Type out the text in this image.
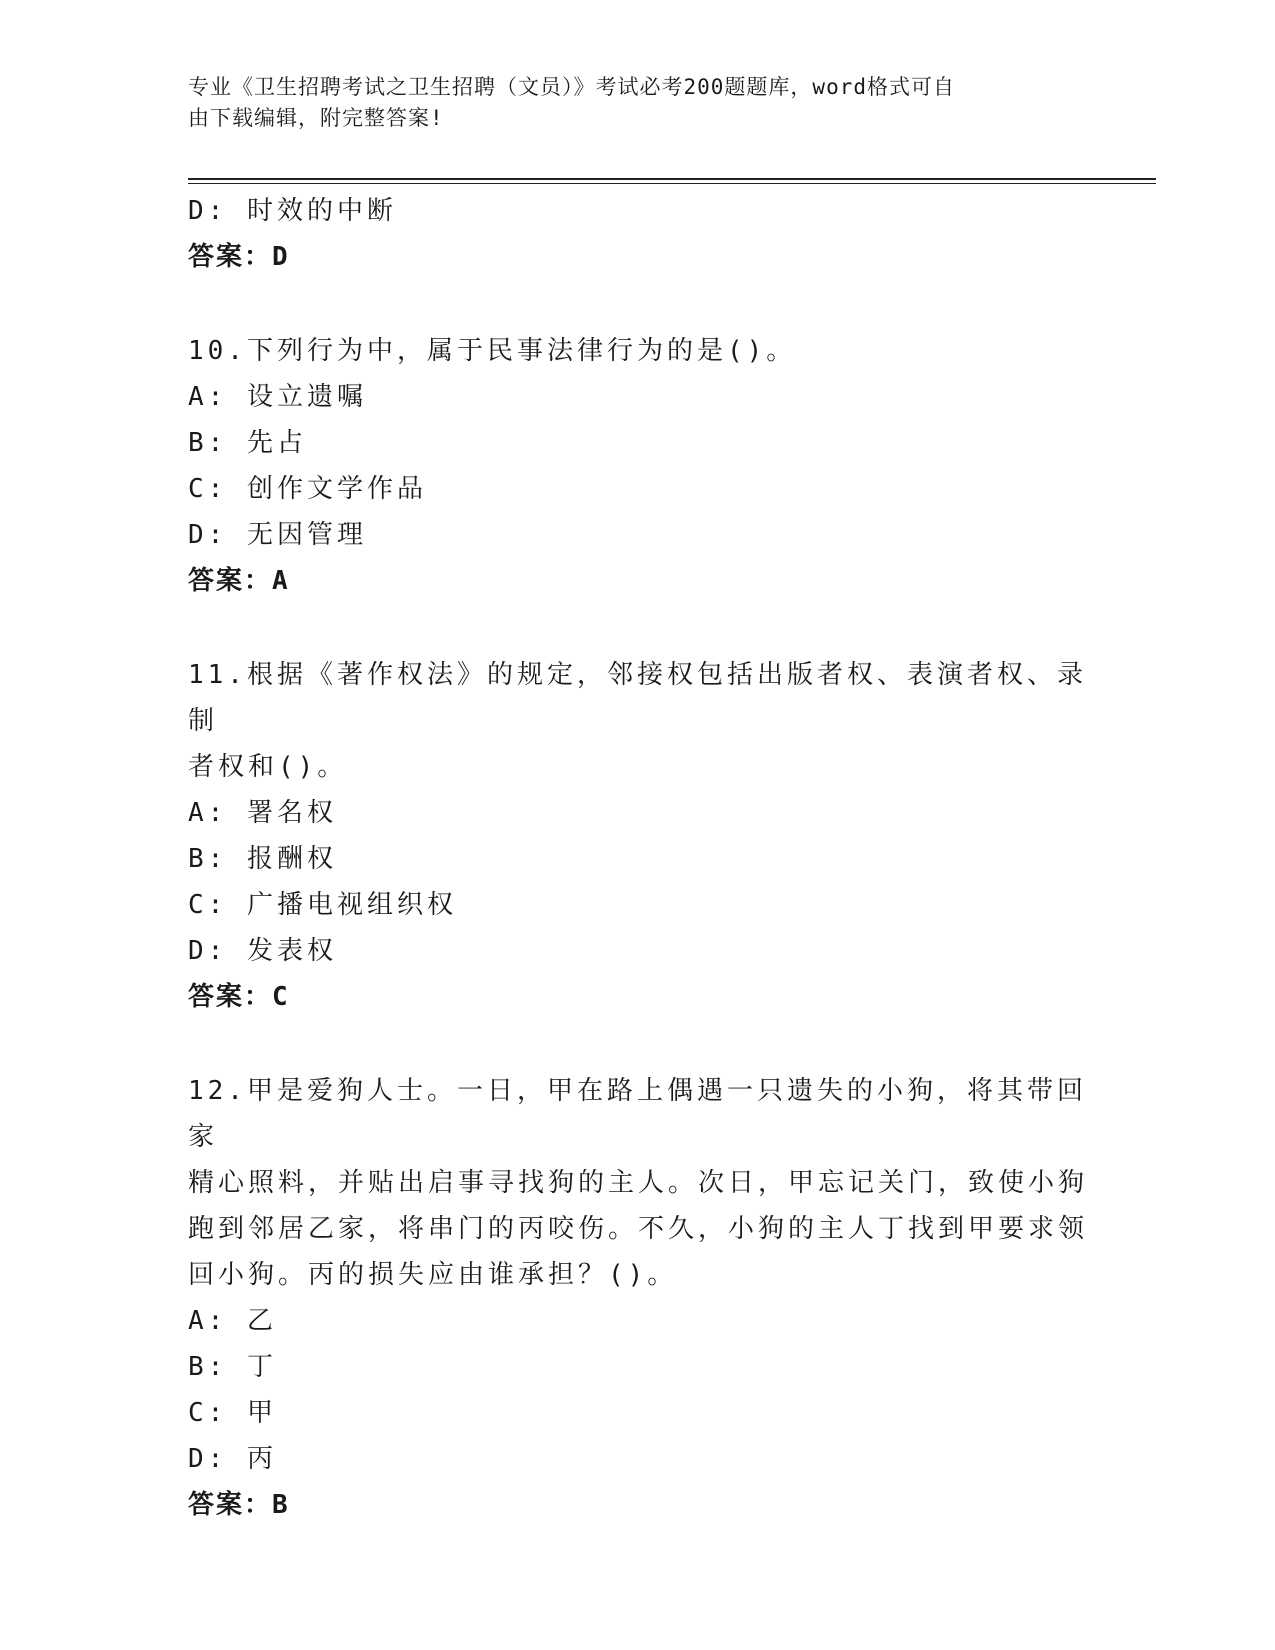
专业《卫生招聘考试之卫生招聘（文员）》考试必考200题题库，word格式可自
由下载编辑，附完整答案!
D: 时效的中断
答案：D
10.下列行为中，属于民事法律行为的是()。
A: 设立遗嘱
B: 先占
C: 创作文学作品
D: 无因管理
答案：A
11.根据《著作权法》的规定，邻接权包括出版者权、表演者权、录制
者权和()。
A: 署名权
B: 报酬权
C: 广播电视组织权
D: 发表权
答案：C
12.甲是爱狗人士。一日，甲在路上偶遇一只遗失的小狗，将其带回家
精心照料，并贴出启事寻找狗的主人。次日，甲忘记关门，致使小狗
跑到邻居乙家，将串门的丙咬伤。不久，小狗的主人丁找到甲要求领
回小狗。丙的损失应由谁承担？()。
A: 乙
B: 丁
C: 甲
D: 丙
答案：B
